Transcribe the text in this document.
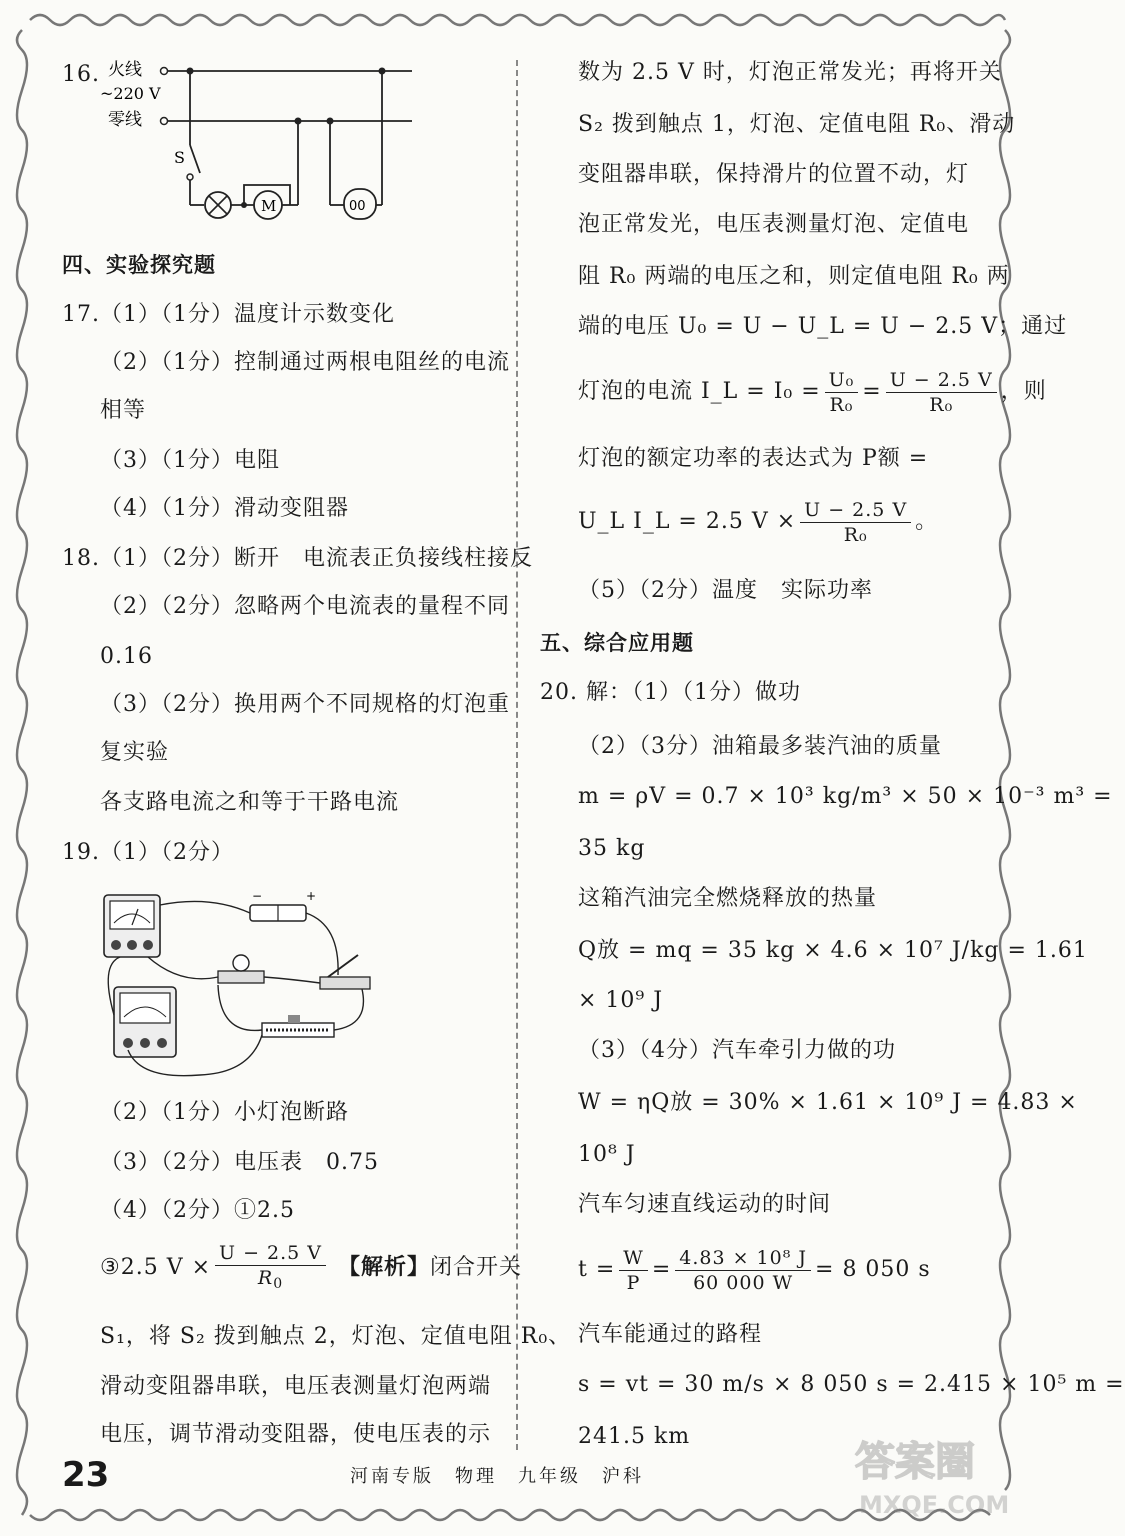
16. 火线
~220 V
零线
S
M	00
四、实验探究题
17.（1）（1分）温度计示数变化
（2）（1分）控制通过两根电阻丝的电流
相等
（3）（1分）电阻
（4）（1分）滑动变阻器
18.（1）（2分）断开　电流表正负接线柱接反
（2）（2分）忽略两个电流表的量程不同
0.16
（3）（2分）换用两个不同规格的灯泡重
复实验
各支路电流之和等于干路电流
19.（1）（2分）
−	+
（2）（1分）小灯泡断路
（3）（2分）电压表　0.75
（4）（2分）①2.5
③2.5 $V \times \frac{U - 2.5 V}{R_0}$ 【解析】闭合开关
S₁，将 S₂ 拨到触点 2，灯泡、定值电阻 R₀、
滑动变阻器串联，电压表测量灯泡两端
电压，调节滑动变阻器，使电压表的示
数为 2.5 V 时，灯泡正常发光；再将开关
S₂ 拨到触点 1，灯泡、定值电阻 R₀、滑动
变阻器串联，保持滑片的位置不动，灯
泡正常发光，电压表测量灯泡、定值电
阻 R₀ 两端的电压之和，则定值电阻 R₀ 两
端的电压 U₀ = U − U_L = U − 2.5 V；通过
灯泡的电流 I_L = $I_0 = \frac{\text{U₀}}{\text{R₀}} = \frac{U - 2.5 V}{\text{R₀}}$ ，则
灯泡的额定功率的表达式为 P额 =
U_L I_L = 2.5 $V \times \frac{U - 2.5 V}{\text{R₀}}$ 。
（5）（2分）温度　实际功率
五、综合应用题
20. 解：（1）（1分）做功
（2）（3分）油箱最多装汽油的质量
m = ρV = 0.7 × 10³ kg/m³ × 50 × 10⁻³ m³ =
35 kg
这箱汽油完全燃烧释放的热量
Q放 = mq = 35 kg × 4.6 × 10⁷ J/kg = 1.61
× 10⁹ J
（3）（4分）汽车牵引力做的功
W = ηQ放 = 30% × 1.61 × 10⁹ J = 4.83 ×
10⁸ J
汽车匀速直线运动的时间
$t = \frac{W}{P} = \frac{\text{4.83 × 10⁸ J}}{60 000 W} = 8$ 050 s
汽车能通过的路程
s = vt = 30 m/s × 8 050 s = 2.415 × 10⁵ m =
241.5 km
23	河南专版　物理　九年级　沪科	答案圈
MXQE.COM
